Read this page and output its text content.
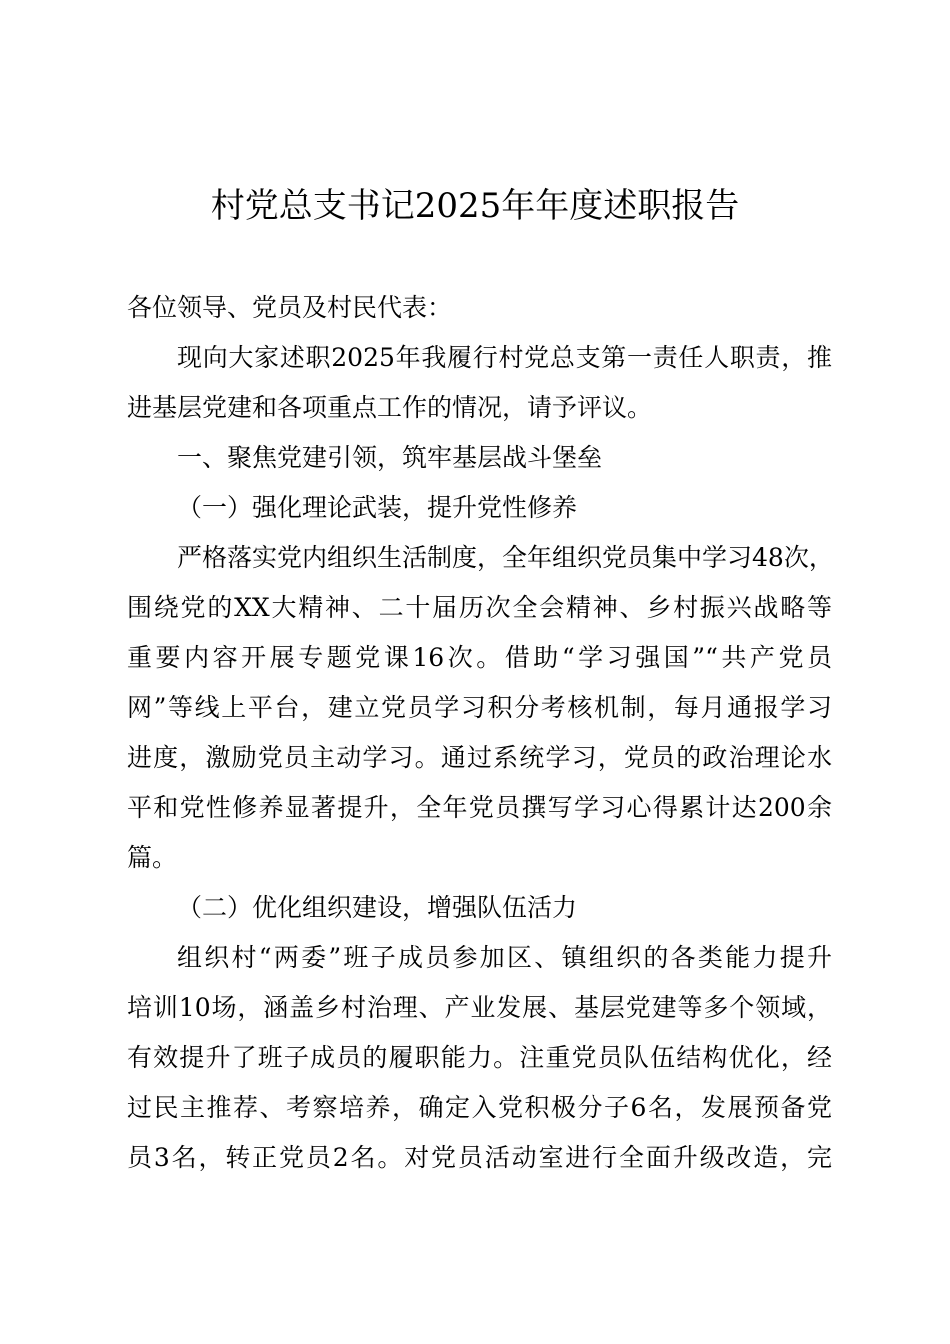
村党总支书记2025年年度述职报告
各位领导、党员及村民代表：
现向大家述职2025年我履行村党总支第一责任人职责，推
进基层党建和各项重点工作的情况，请予评议。
一、聚焦党建引领，筑牢基层战斗堡垒
（一）强化理论武装，提升党性修养
严格落实党内组织生活制度，全年组织党员集中学习48次，
围绕党的XX大精神、二十届历次全会精神、乡村振兴战略等
重要内容开展专题党课16次。借助“学习强国”“共产党员
网”等线上平台，建立党员学习积分考核机制，每月通报学习
进度，激励党员主动学习。通过系统学习，党员的政治理论水
平和党性修养显著提升，全年党员撰写学习心得累计达200余
篇。
（二）优化组织建设，增强队伍活力
组织村“两委”班子成员参加区、镇组织的各类能力提升
培训10场，涵盖乡村治理、产业发展、基层党建等多个领域，
有效提升了班子成员的履职能力。注重党员队伍结构优化，经
过民主推荐、考察培养，确定入党积极分子6名，发展预备党
员3名，转正党员2名。对党员活动室进行全面升级改造，完
